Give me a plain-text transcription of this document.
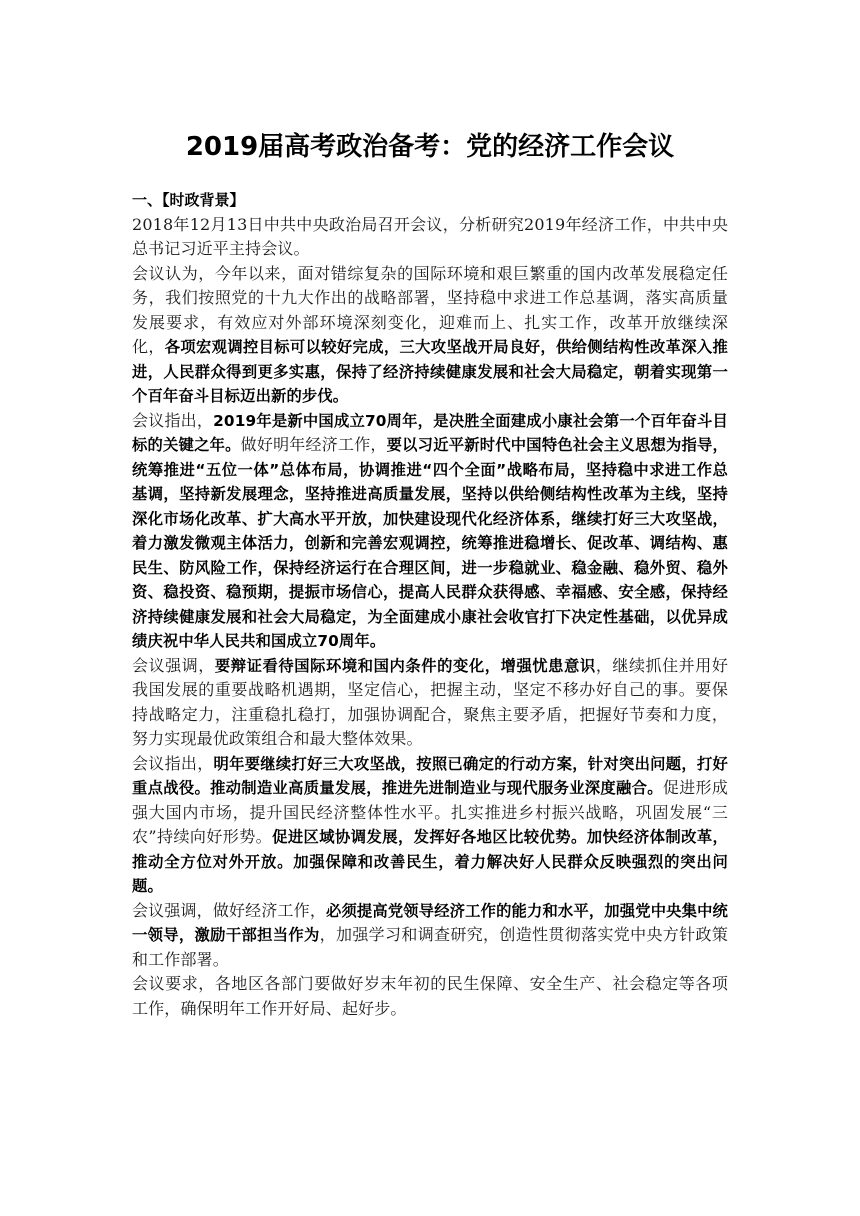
2019届高考政治备考：党的经济工作会议
一、【时政背景】

2018年12月13日中共中央政治局召开会议，分析研究2019年经济工作，中共中央总书记习近平主持会议。

会议认为，今年以来，面对错综复杂的国际环境和艰巨繁重的国内改革发展稳定任务，我们按照党的十九大作出的战略部署，坚持稳中求进工作总基调，落实高质量发展要求，有效应对外部环境深刻变化，迎难而上、扎实工作，改革开放继续深化，各项宏观调控目标可以较好完成，三大攻坚战开局良好，供给侧结构性改革深入推进，人民群众得到更多实惠，保持了经济持续健康发展和社会大局稳定，朝着实现第一个百年奋斗目标迈出新的步伐。

会议指出，2019年是新中国成立70周年，是决胜全面建成小康社会第一个百年奋斗目标的关键之年。做好明年经济工作，要以习近平新时代中国特色社会主义思想为指导，统筹推进“五位一体”总体布局，协调推进“四个全面”战略布局，坚持稳中求进工作总基调，坚持新发展理念，坚持推进高质量发展，坚持以供给侧结构性改革为主线，坚持深化市场化改革、扩大高水平开放，加快建设现代化经济体系，继续打好三大攻坚战，着力激发微观主体活力，创新和完善宏观调控，统筹推进稳增长、促改革、调结构、惠民生、防风险工作，保持经济运行在合理区间，进一步稳就业、稳金融、稳外贸、稳外资、稳投资、稳预期，提振市场信心，提高人民群众获得感、幸福感、安全感，保持经济持续健康发展和社会大局稳定，为全面建成小康社会收官打下决定性基础，以优异成绩庆祝中华人民共和国成立70周年。

会议强调，要辩证看待国际环境和国内条件的变化，增强忧患意识，继续抓住并用好我国发展的重要战略机遇期，坚定信心，把握主动，坚定不移办好自己的事。要保持战略定力，注重稳扎稳打，加强协调配合，聚焦主要矛盾，把握好节奏和力度，努力实现最优政策组合和最大整体效果。

会议指出，明年要继续打好三大攻坚战，按照已确定的行动方案，针对突出问题，打好重点战役。推动制造业高质量发展，推进先进制造业与现代服务业深度融合。促进形成强大国内市场，提升国民经济整体性水平。扎实推进乡村振兴战略，巩固发展“三农”持续向好形势。促进区域协调发展，发挥好各地区比较优势。加快经济体制改革，推动全方位对外开放。加强保障和改善民生，着力解决好人民群众反映强烈的突出问题。

会议强调，做好经济工作，必须提高党领导经济工作的能力和水平，加强党中央集中统一领导，激励干部担当作为，加强学习和调查研究，创造性贯彻落实党中央方针政策和工作部署。

会议要求，各地区各部门要做好岁末年初的民生保障、安全生产、社会稳定等各项工作，确保明年工作开好局、起好步。
